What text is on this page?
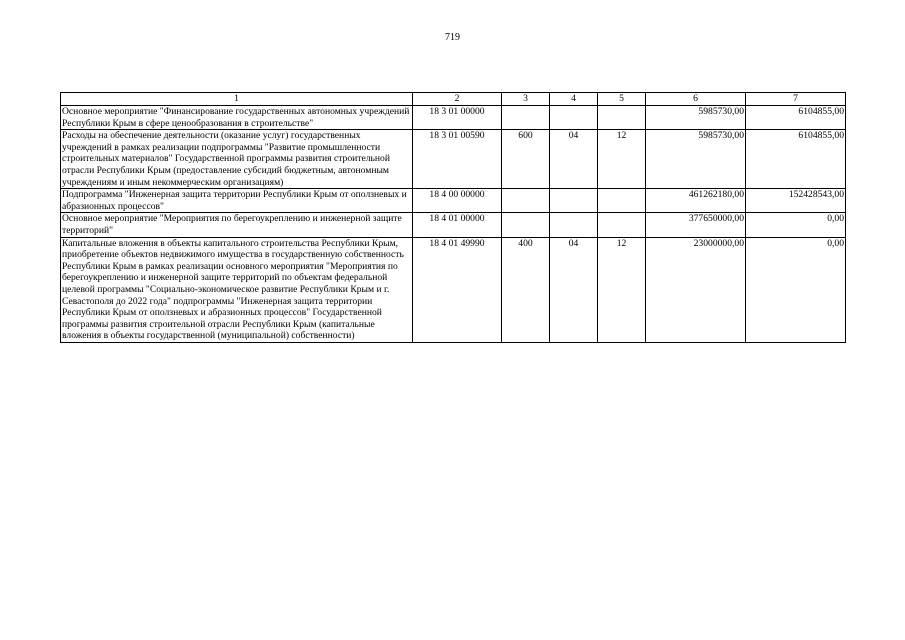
719
1	2	3	4	5	6	7
Основное мероприятие "Финансирование государственных автономных учреждений Республики Крым в сфере ценообразования в строительстве"	18 3 01 00000				5985730,00	6104855,00
Расходы на обеспечение деятельности (оказание услуг) государственных учреждений в рамках реализации подпрограммы "Развитие промышленности строительных материалов" Государственной программы развития строительной отрасли Республики Крым (предоставление субсидий бюджетным, автономным учреждениям и иным некоммерческим организациям)	18 3 01 00590	600	04	12	5985730,00	6104855,00
Подпрограмма "Инженерная защита территории Республики Крым от оползневых и абразионных процессов"	18 4 00 00000				461262180,00	152428543,00
Основное мероприятие "Мероприятия по берегоукреплению и инженерной защите территорий"	18 4 01 00000				377650000,00	0,00
Капитальные вложения в объекты капитального строительства Республики Крым, приобретение объектов недвижимого имущества в государственную собственность Республики Крым в рамках реализации основного мероприятия "Мероприятия по берегоукреплению и инженерной защите территорий по объектам федеральной целевой программы "Социально-экономическое развитие Республики Крым и г. Севастополя до 2022 года" подпрограммы "Инженерная защита территории Республики Крым от оползневых и абразионных процессов" Государственной программы развития строительной отрасли Республики Крым (капитальные вложения в объекты государственной (муниципальной) собственности)	18 4 01 49990	400	04	12	23000000,00	0,00
